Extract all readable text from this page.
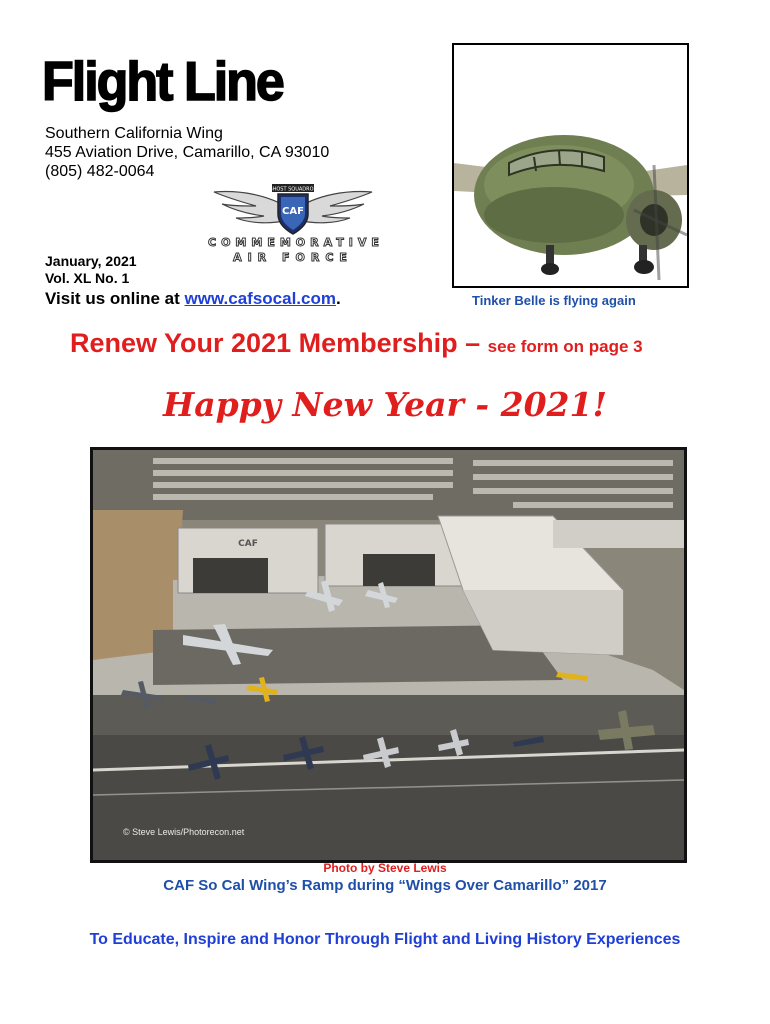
Flight Line
Southern California Wing
455 Aviation Drive, Camarillo, CA 93010
(805) 482-0064
GHOST SQUADRON
CAF
COMMEMORATIVE
AIR FORCE
January, 2021
Vol. XL No. 1
Visit us online at www.cafsocal.com.	Tinker Belle is flying again
Renew Your 2021 Membership – see form on page 3
Happy New Year - 2021!
CAF
© Steve Lewis/Photorecon.net
Photo by Steve Lewis
CAF So Cal Wing’s Ramp during “Wings Over Camarillo” 2017
To Educate, Inspire and Honor Through Flight and Living History Experiences
